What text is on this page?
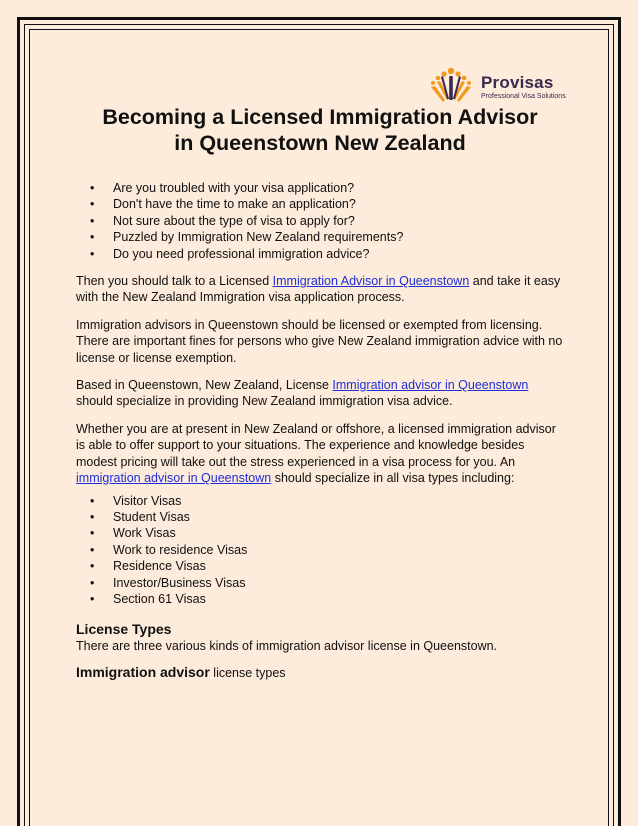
Provisas
Professional Visa Solutions
Becoming a Licensed Immigration Advisor
in Queenstown New Zealand
• Are you troubled with your visa application?
• Don't have the time to make an application?
• Not sure about the type of visa to apply for?
• Puzzled by Immigration New Zealand requirements?
• Do you need professional immigration advice?

Then you should talk to a Licensed Immigration Advisor in Queenstown and take it easy with the New Zealand Immigration visa application process.

Immigration advisors in Queenstown should be licensed or exempted from licensing. There are important fines for persons who give New Zealand immigration advice with no license or license exemption.

Based in Queenstown, New Zealand, License Immigration advisor in Queenstown should specialize in providing New Zealand immigration visa advice.

Whether you are at present in New Zealand or offshore, a licensed immigration advisor is able to offer support to your situations. The experience and knowledge besides modest pricing will take out the stress experienced in a visa process for you. An immigration advisor in Queenstown should specialize in all visa types including:

• Visitor Visas
• Student Visas
• Work Visas
• Work to residence Visas
• Residence Visas
• Investor/Business Visas
• Section 61 Visas
License Types

There are three various kinds of immigration advisor license in Queenstown.

Immigration advisor license types
